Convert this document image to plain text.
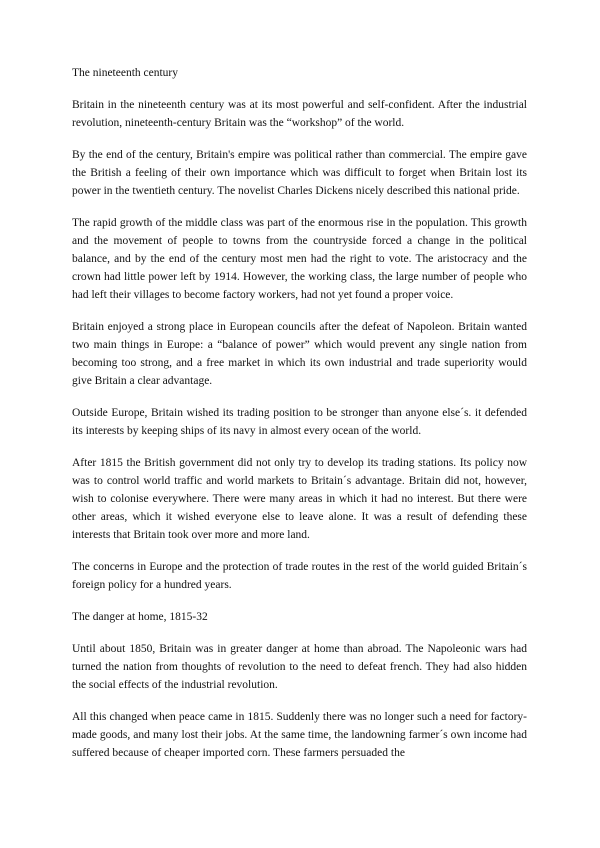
The nineteenth century

Britain in the nineteenth century was at its most powerful and self-confident. After the industrial revolution, nineteenth-century Britain was the “workshop” of the world.

By the end of the century, Britain's empire was political rather than commercial. The empire gave the British a feeling of their own importance which was difficult to forget when Britain lost its power in the twentieth century. The novelist Charles Dickens nicely described this national pride.

The rapid growth of the middle class was part of the enormous rise in the population. This growth and the movement of people to towns from the countryside forced a change in the political balance, and by the end of the century most men had the right to vote. The aristocracy and the crown had little power left by 1914. However, the working class, the large number of people who had left their villages to become factory workers, had not yet found a proper voice.

Britain enjoyed a strong place in European councils after the defeat of Napoleon. Britain wanted two main things in Europe: a “balance of power” which would prevent any single nation from becoming too strong, and a free market in which its own industrial and trade superiority would give Britain a clear advantage.

Outside Europe, Britain wished its trading position to be stronger than anyone else´s. it defended its interests by keeping ships of its navy in almost every ocean of the world.

After 1815 the British government did not only try to develop its trading stations. Its policy now was to control world traffic and world markets to Britain´s advantage. Britain did not, however, wish to colonise everywhere. There were many areas in which it had no interest. But there were other areas, which it wished everyone else to leave alone. It was a result of defending these interests that Britain took over more and more land.

The concerns in Europe and the protection of trade routes in the rest of the world guided Britain´s foreign policy for a hundred years.

The danger at home, 1815-32

Until about 1850, Britain was in greater danger at home than abroad. The Napoleonic wars had turned the nation from thoughts of revolution to the need to defeat french. They had also hidden the social effects of the industrial revolution.

All this changed when peace came in 1815. Suddenly there was no longer such a need for factory-made goods, and many lost their jobs. At the same time, the landowning farmer´s own income had suffered because of cheaper imported corn. These farmers persuaded the
